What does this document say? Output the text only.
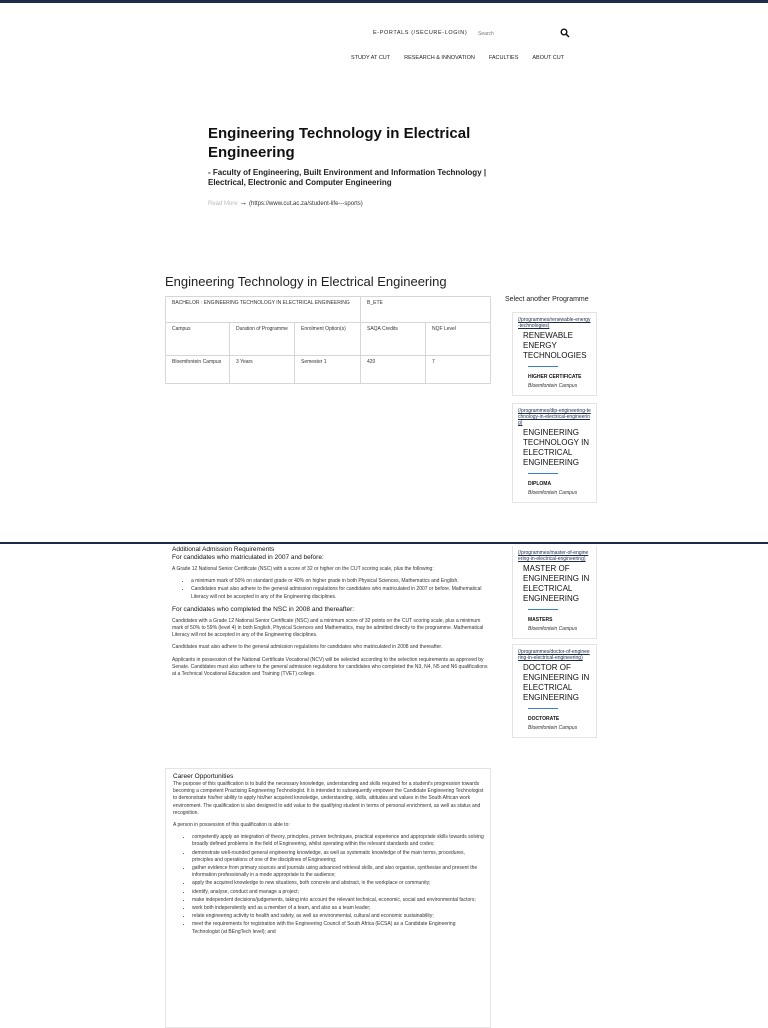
E-PORTALS (/SECURE-LOGIN)
Search
STUDY AT CUT	RESEARCH & INNOVATION	FACULTIES	ABOUT CUT
Engineering Technology in Electrical Engineering
- Faculty of Engineering, Built Environment and Information Technology | Electrical, Electronic and Computer Engineering
Read More → (https://www.cut.ac.za/student-life---sports)
Engineering Technology in Electrical Engineering
BACHELOR : ENGINEERING TECHNOLOGY IN ELECTRICAL ENGINEERING			B_ETE	
Campus	Duration of Programme	Enrolment Option(s)	SAQA Credits	NQF Level
Bloemfontein Campus	3 Years	Semester 1	420	7
Select another Programme
(/programmes/renewable-energy-technologies)
RENEWABLE ENERGY TECHNOLOGIES
HIGHER CERTIFICATE
Bloemfontein Campus
(/programmes/dip-engineering-technology-in-electrical-engineering)
ENGINEERING TECHNOLOGY IN ELECTRICAL ENGINEERING
DIPLOMA
Bloemfontein Campus
(/programmes/master-of-engineering-in-electrical-engineering)
MASTER OF ENGINEERING IN ELECTRICAL ENGINEERING
MASTERS
Bloemfontein Campus
(/programmes/doctor-of-engineering-in-electrical-engineering)
DOCTOR OF ENGINEERING IN ELECTRICAL ENGINEERING
DOCTORATE
Bloemfontein Campus
Additional Admission Requirements
For candidates who matriculated in 2007 and before:

A Grade 12 National Senior Certificate (NSC) with a score of 32 or higher on the CUT scoring scale, plus the following:

• a minimum mark of 50% on standard grade or 40% on higher grade in both Physical Sciences, Mathematics and English.
• Candidates must also adhere to the general admission regulations for candidates who matriculated in 2007 or before. Mathematical Literacy will not be accepted in any of the Engineering disciplines.
For candidates who completed the NSC in 2008 and thereafter:

Candidates with a Grade 12 National Senior Certificate (NSC) and a minimum score of 32 points on the CUT scoring scale, plus a minimum mark of 50% to 59% (level 4) in both English, Physical Sciences and Mathematics, may be admitted directly to the programme. Mathematical Literacy will not be accepted in any of the Engineering disciplines.

Candidates must also adhere to the general admission regulations for candidates who matriculated in 2008 and thereafter.

Applicants in possession of the National Certificate Vocational (NCV) will be selected according to the selection requirements as approved by Senate. Candidates must also adhere to the general admission regulations for candidates who completed the N3, N4, N5 and N6 qualifications at a Technical Vocational Education and Training (TVET) college.

Career Opportunities

The purpose of this qualification is to build the necessary knowledge, understanding and skills required for a student's progression towards becoming a competent Practising Engineering Technologist. It is intended to subsequently empower the Candidate Engineering Technologist to demonstrate his/her ability to apply his/her acquired knowledge, understanding, skills, attitudes and values in the South African work environment. The qualification is also designed to add value to the qualifying student in terms of personal enrichment, as well as status and recognition.

A person in possession of this qualification is able to:

• competently apply an integration of theory, principles, proven techniques, practical experience and appropriate skills towards solving broadly defined problems in the field of Engineering, whilst operating within the relevant standards and codes;
• demonstrate well-rounded general engineering knowledge, as well as systematic knowledge of the main terms, procedures, principles and operations of one of the disciplines of Engineering;
• gather evidence from primary sources and journals using advanced retrieval skills, and also organise, synthesise and present the information professionally in a mode appropriate to the audience;
• apply the acquired knowledge to new situations, both concrete and abstract, in the workplace or community;
• identify, analyse, conduct and manage a project;
• make independent decisions/judgements, taking into account the relevant technical, economic, social and environmental factors;
• work both independently and as a member of a team, and also as a team leader;
• relate engineering activity to health and safety, as well as environmental, cultural and economic sustainability;
• meet the requirements for registration with the Engineering Council of South Africa (ECSA) as a Candidate Engineering Technologist (at BEngTech level); and
